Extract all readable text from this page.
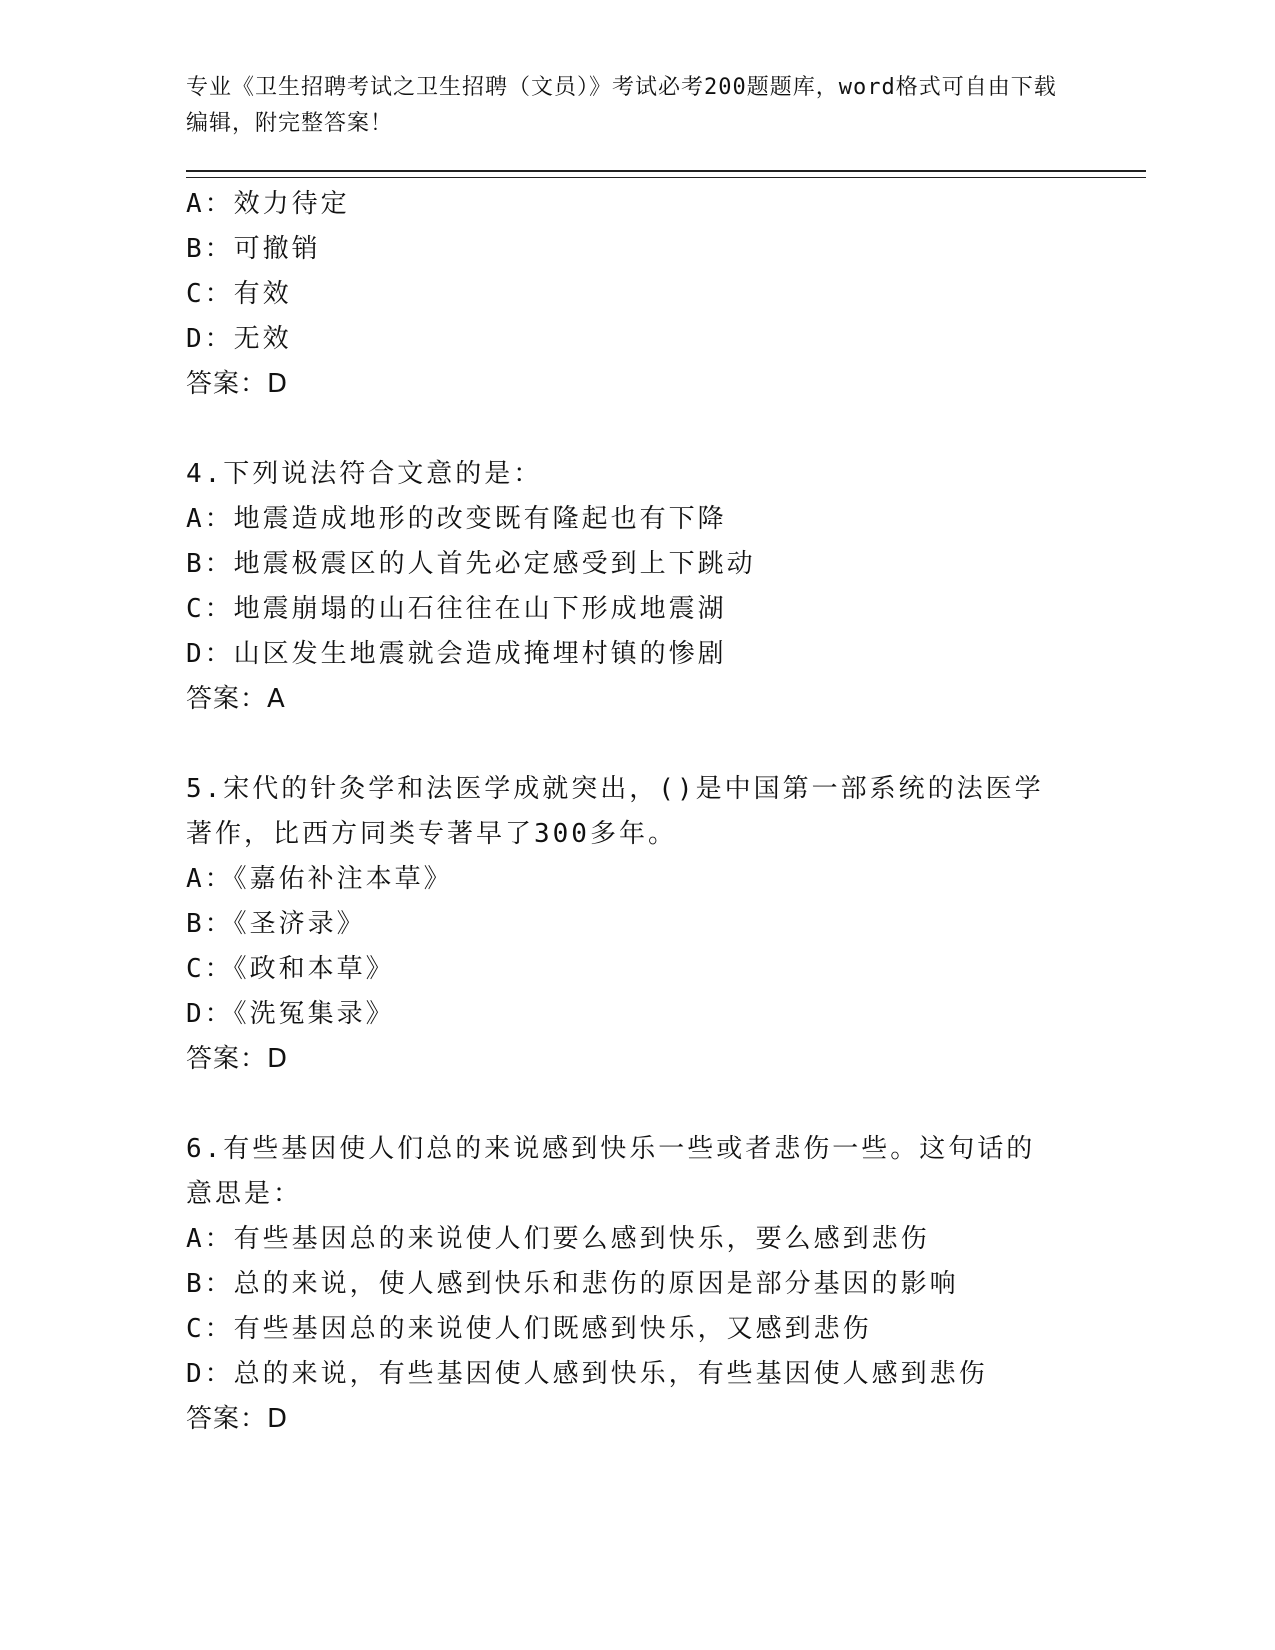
专业《卫生招聘考试之卫生招聘（文员）》考试必考200题题库，word格式可自由下载编辑，附完整答案！
A：效力待定
B：可撤销
C：有效
D：无效
答案：D
4.下列说法符合文意的是：
A：地震造成地形的改变既有隆起也有下降
B：地震极震区的人首先必定感受到上下跳动
C：地震崩塌的山石往往在山下形成地震湖
D：山区发生地震就会造成掩埋村镇的惨剧
答案：A
5.宋代的针灸学和法医学成就突出，()是中国第一部系统的法医学著作，比西方同类专著早了300多年。
A：《嘉佑补注本草》
B：《圣济录》
C：《政和本草》
D：《洗冤集录》
答案：D
6.有些基因使人们总的来说感到快乐一些或者悲伤一些。这句话的意思是：
A：有些基因总的来说使人们要么感到快乐，要么感到悲伤
B：总的来说，使人感到快乐和悲伤的原因是部分基因的影响
C：有些基因总的来说使人们既感到快乐，又感到悲伤
D：总的来说，有些基因使人感到快乐，有些基因使人感到悲伤
答案：D
